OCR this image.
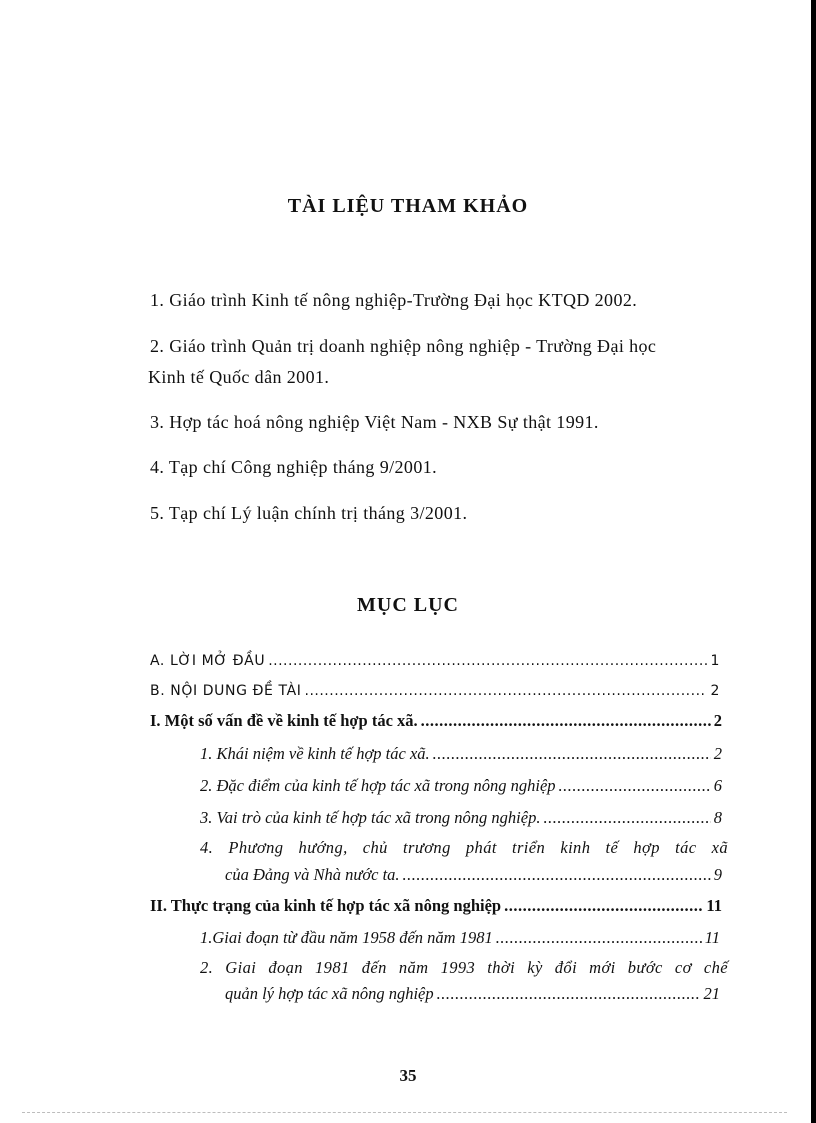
TÀI LIỆU THAM KHẢO
1. Giáo trình Kinh tế nông nghiệp-Trường Đại học KTQD 2002.
2. Giáo trình Quản trị doanh nghiệp nông nghiệp - Trường Đại học
Kinh tế Quốc dân 2001.
3. Hợp tác hoá nông nghiệp Việt Nam - NXB Sự thật 1991.
4. Tạp chí Công nghiệp tháng 9/2001.
5. Tạp chí Lý luận chính trị tháng 3/2001.
MỤC LỤC
A. LỜI MỞ ĐẦU .....	1
B. NỘI DUNG ĐỀ TÀI .....	2
I. Một số vấn đề về kinh tế hợp tác xã. .....	2
1. Khái niệm về kinh tế hợp tác xã. .....	2
2. Đặc điểm của kinh tế hợp tác xã trong nông nghiệp .....	6
3. Vai trò của kinh tế hợp tác xã trong nông nghiệp. .....	8
4. Phương hướng, chủ trương phát triển kinh tế hợp tác xã
của Đảng và Nhà nước ta. .....	9
II. Thực trạng của kinh tế hợp tác xã nông nghiệp .....	11
1.Giai đoạn từ đầu năm 1958 đến năm 1981 .....	11
2. Giai đoạn 1981 đến năm 1993 thời kỳ đổi mới bước cơ chế
quản lý hợp tác xã nông nghiệp .....	21
35
